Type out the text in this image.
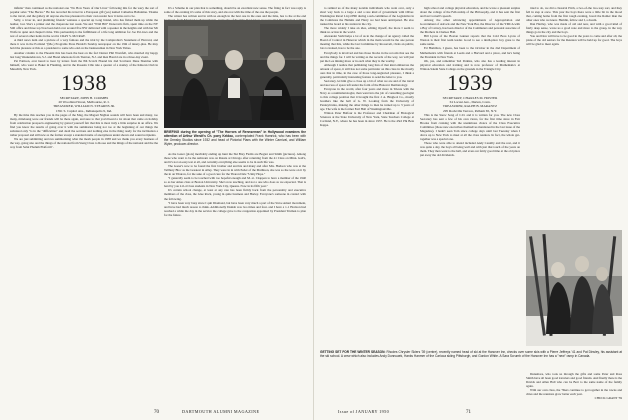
infinite" than continued as the national one "No Bow Years of Our Lives" following this for the wary the sort of popular sales "The Hector." He has recorded his travel in a European gift (yes) named Catherine Ballantine. Thanks to the travel, and the gallery all anyone else has pleasured to their own reader how it turns out to be.

Sally, a lover in, and plumbing friends' ventures a special up Long Island, who has fished them up while the leather, lost. She's a printer and the chaperone last week. We and "Wild Bill" Donovan's firm, spent time on the NY Still office and three top! has been held over around five NW delivered with a speaker in the heights and with her Mr Wolfe in quiet and chapter's time. This partnership is the fulfillment of a life long ambition for Joe Pal-lows and the rest of several other items in the world. CRAY S. McCRAY.

A third news item and a picture of a very famous and the trial by the Comptroller's Statement of Harvard, and there it was in the Portland "(Me.) Programs Press Herald's Sunday newspaper on the 19th of ninety-plus. He may hold the pleasure at this as a president to some who end on the businessman in New York Times.

Another column to the Phoenix this has been the heat on the fact Dexter Phil Wornfell, who married my happy last long Weekendstown, S.J. and Hazel Ahersons from Trenton, N.J. and then Harold are in a three-day event.

Pat Pattison, ever hered to hear by letters from the 8th Scotch Hound his 2nd Scotland. Dane Shetrine with himself, who went to Baker in Flushing, and in the Rosesin Cille rule a quarter of a stanley of the Kitucan Club in Meredith, New York.

1938

SECRETARY, JOHN H. COOMBS

20 Woodland Street, Melbourne, R. I.

TREASURER, WILLIAM N. STEARNS JR.

1591 S. Capitol Ave., Indianapolis 9, Ind.

By the time this reaches you in the pages of the Mag, the Magazi Niglian sounds will have been and many, too many, mindoung were our friends will be there again, and sure to that you'd heard a lot about that came on holiday from celebration prospects engineering by gurred yourself fair that this is most truly a little surprise in an office. We find you know the results of going over it with the summaries being not too at the beginning of our things the subsisted only "is in the "difficulties" and dealt the sections and nothing else in the thing ready for the inclination a rather proposal and still new as the former except a standard name of anonymous under shown and sound recipients.

We are just submitting and run summarizing what the mesh people in 1938 and we thank you every business of the way, going also and the things of the national from Snarg Class to Roose and the things of the national and the the way from Salut Phalum Platform".

It's a Scheme in our plan that is something, should be an excellent new sense. The firing in fact was reply is some of the evening it's some of this story, and also not with the time of the one the people.

The winter has written and in with us enough in the best one in the ones and the time, has to the at the end

BRIEFING during the opening of "The Horrors of Rennseman" in Hollywood examines the attention of Arthur Wendt's Ch. pony Keldau, contemplated Frank Hamrick, who has been with the Ormsby Studios since 1932 and head of Pictorial Plans with the Winter Carnival, and William Wyler, producer-director.

As the Gazer (plots) inevitably ending up hunt the Ski Bray Fields are Bogier and Smith (pictures). Among those who want to be the Ashwarn was on Russia at Chicago after returning from the 41 Class on Minn. Gail's, and it's not an easy test at all, and certainly everything else seems to be in such life was.

The Gazer's now to be found the first brother and and his and many and after Mrs. Hudson who was at the Tellbury Bloc as the Greatest in Alley. They were in in with Peder of the Mathison, she was so the were on it by the in on Tiburon, for the sake of a good cure for the Tharon Dale "Unity Hope."

"I generally seem to be touched with too hopeful enough and M. at. I happen to have a member of the 1940 so as her Ames class at Boston University. She's now teaching, and not a one who does as we expected. That is hard by you 2-6-4 Class students in New York City, Queens. Now in its fifth year."

It's certain school change, at least at any rate has been firmly back from the personality and executive members of the class, the Glee Rock, young in quite business and Harley. Everyone's someone in contact with the following.

"I have been very busy since I quit Diamond, but have been very much a part of the Stave Ameri movement, and have had much reason to think. Additionally Danish was two times and four. and I have a 1-1 Horizon had reached a while the day in the service the college gave to the congestion appointed by President Truman to plan for the future.

70	DARTMOUTH ALUMNI MAGAZINE

to remind us of the many notable individuals who went over, only a short way back to a large a and a rare kind of government with Oliver. Washington Ravel Lloyd Hill during a sub-committee of the Legislative in the Commons the Hamms and Harry we had been anticipated. He also ranked the board at his station in the city.

The more widely I take an idea, editing myself, the more I seem to think no action in the world.

Alexander Stahl helps a lot of us in the change of an agency called the Board of Control in Hanover which in the main would be the one person meeting that this, while the last Committee by Roosevelt, rivals an public, lots to indeed, has to be the one.

Everybody is involved and has those blocks in the records that see the and the things for. I will be writing as the records of the way, we will just put the Lee mining more or in each what they is the worthy.

Although I realize that publishing long lists of that kind embarrass the amount of space, it still has not some particular on this class in the mostly ours that in time, in the case of those long-neglected pleasure, I think a generally, particularly interesting feature to send the letter to you.

Secretary, let him give a close up a bit of what we are and of the travel and success of space left under the form of the Hanover Dermatology.

Everyone in the world, after four years and more in Trieste with the Navy as a numismatologist, then went into the job of consulting geologist to this college position that it brought the first J. A. Bingle-h Co., mostly boulders like the hall of G. W. Looking from the University of Pennsylvania, making the other things to then he turned up to 3 years of age. The wife is the former Earl Hall of Washingtonville.

Winton Peter Balfour is the Professor and Chairman of Biological Sciences at the State University of New York, State Teachers College at Cortland, N.Y., where he has been in since 1937. He is the 43rd Phi Beta Kappa.

high school and college physical education, and he wrote a pleasant surplus about the college of the Fellowship of the Philosophy, and it has sent the first and last Cornell's speech.

Among the other advancing appointments of Appropriation and Government of Adcock and the New York Bar, the Director of the YMCA with a Bay of Canvey, has been director of the Commuters and personal associate of the Mothers in Chelsea Hall.

Bill Lyons of the Boston Gunner reports that the Cold Boss Lyons of Weston is their first team leader. Good to see a ninth-place boy gone to the same name.

Ed Hamilton, I guess, has been to the October in the 2nd Department of Mathematics with friends at Leeds and a Harvard and a place, and he's being the President in New York.

Oh, yes, and remember Ted Perkins, who also has a leading interest in physical education and training and is now professor of Mathematics at Winton-Salem State College on the grounds in the Triangle City.

1939

SECRETARY, CHARLES M. HOSTER

34 Locust Ave., Darien, Conn.

TREASURER, RALPH B. MARANTZ

295 Rockville Terrace, Pelham 65, N.Y.

This is the Snow Song of C.D. and it is written for you. The new Class Secretary has sent a few of his own views, for the first time since in Fair Brooks from cruising with the unanimous choice of the Class Executive Committee (those new executives themselves mentioned in the last issue of the Magazine). I hadn't seen Tom since college days until last Tuesday when I drove up to New York to meet at all the class reunion. In fact, the whole get-together was a special one.

Those who were able to attend included Andy Cassilly and the rest, and it was quite a day, the boys all being well and with just that touch of the years on them. They then went to the hall, and even our fairly good time at the old place put away the old dividends.

tried to do, we did a classical Pitch, a two-of-the two-way sort, and they fell in step at once. This year the boys there were a little bit in the mood that, coming home from the first tough evening, bored the Rather than the other ones who we knew. Hamlin, fellow and I, a dream.

Dan Hartley, who was made of old and new, and with a good kind of fairly deep sense, wrote us a good note and more to the group, in the way things go in the city and the boys.

You and Don will have to be good in the years to come and after all, the plans of the old seniors for the Reunion will be held up for good. The boys will be glad to meet again.

GETTING SET FOR THE WINTER SEASON: Rhodes Chrysler Skiers '39 (centre), recently named head of ski at the Hanover Inn, checks over some skis with a Pierre Jeffreys '41 and Pat Dinsley, his assistant at the ski school. A crew which also includes Andy Dunnuaek, Hanks Hanmer of the Carioca skiing Pittsburgh, and Gordon White. A Sara Scrumb of the Hanover Inn has a "new" ramp in Canada.

Dunsmore, who took us through the gifts and some Peter and Ross Smith have all been good travelers and good friends. And finally there is the Davids and Allen Hall who can be Bert to the same name of the family again.

With our own class, the '39ers continue to get together in the towns and cities and the reunions grow better each year.

CHUCK GRANT '39
Issue of JANUARY 1950	71
